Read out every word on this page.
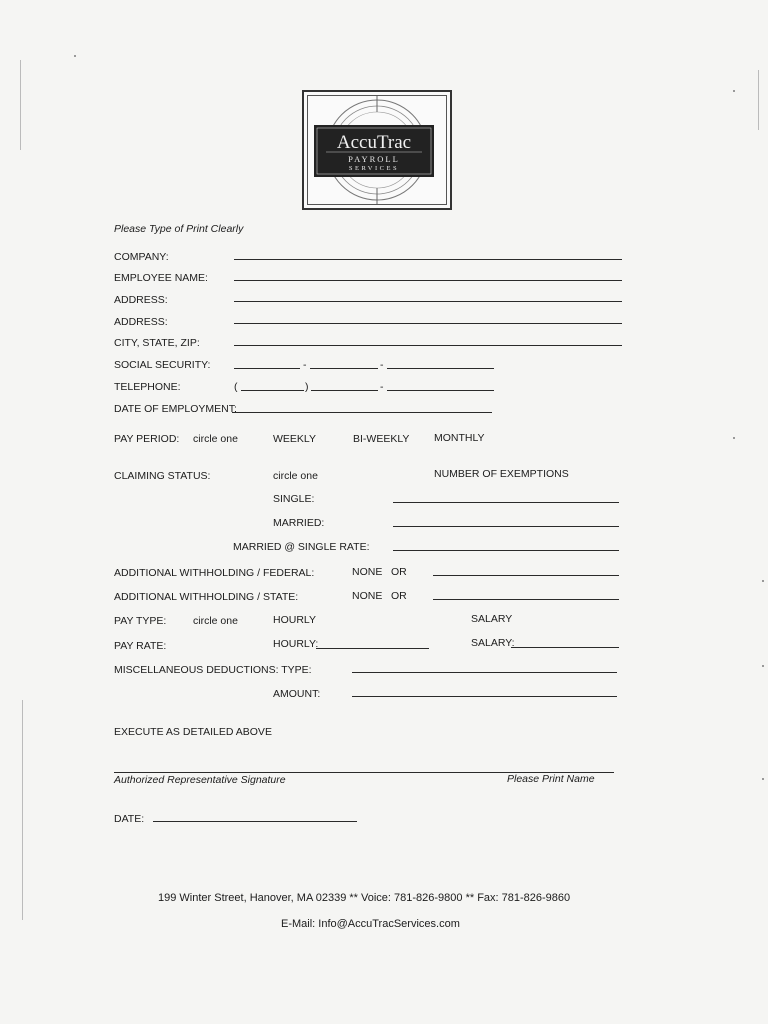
AccuTrac
PAYROLL
SERVICES
Please Type of Print Clearly
COMPANY:
EMPLOYEE NAME:
ADDRESS:
ADDRESS:
CITY, STATE, ZIP:
SOCIAL SECURITY:	-	-
TELEPHONE:	(	)	-
DATE OF EMPLOYMENT:
PAY PERIOD: circle one	WEEKLY	BI-WEEKLY MONTHLY
CLAIMING STATUS:	circle one	NUMBER OF EXEMPTIONS
SINGLE:
MARRIED:
MARRIED @ SINGLE RATE:
ADDITIONAL WITHHOLDING / FEDERAL:	NONE OR
ADDITIONAL WITHHOLDING / STATE:	NONE OR
PAY TYPE:	circle one	HOURLY	SALARY
PAY RATE:	HOURLY:	SALARY:
MISCELLANEOUS DEDUCTIONS: TYPE:
AMOUNT:
EXECUTE AS DETAILED ABOVE
Authorized Representative Signature	Please Print Name
DATE:
199 Winter Street, Hanover, MA 02339 ** Voice: 781-826-9800 ** Fax: 781-826-9860
E-Mail: Info@AccuTracServices.com
